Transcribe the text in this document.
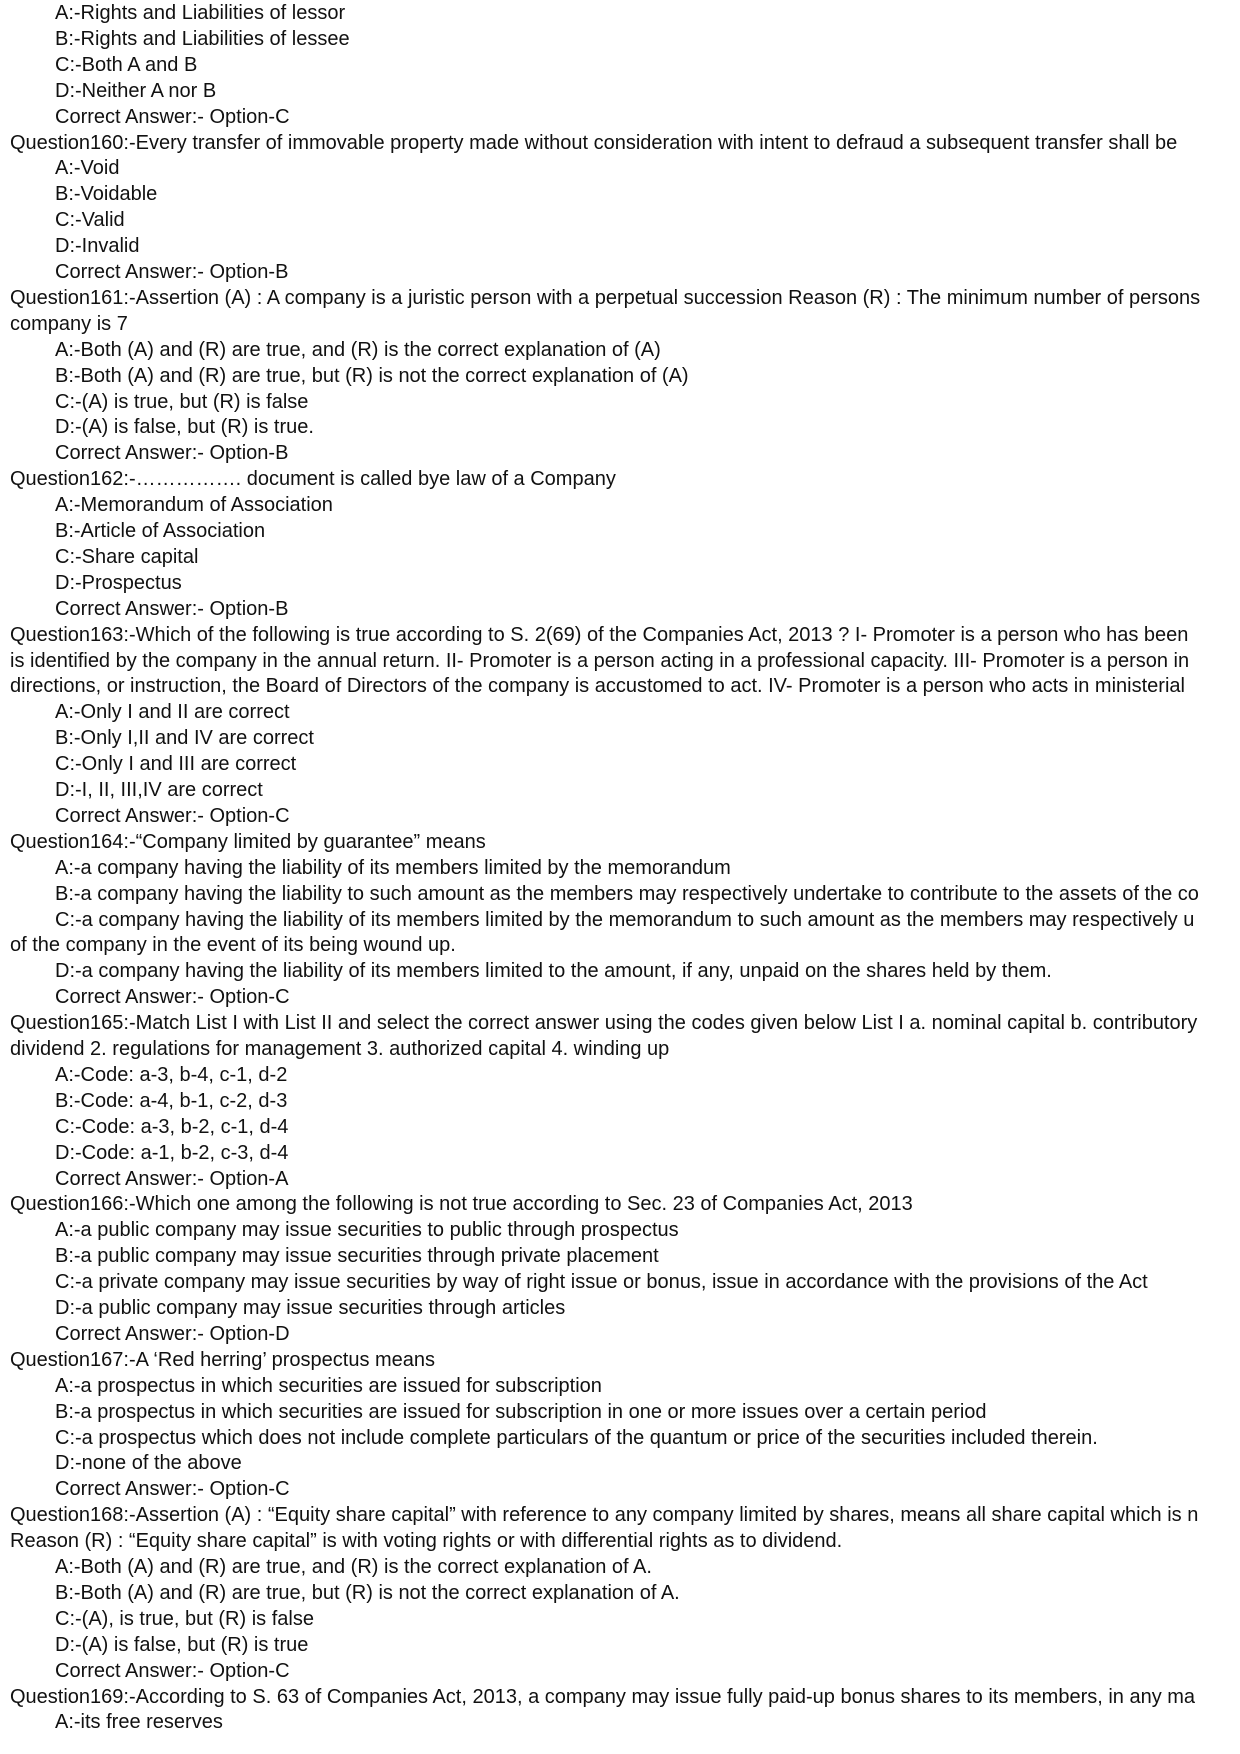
A:-Rights and Liabilities of lessor
B:-Rights and Liabilities of lessee
C:-Both A and B
D:-Neither A nor B
Correct Answer:- Option-C
Question160:-Every transfer of immovable property made without consideration with intent to defraud a subsequent transfer shall be
A:-Void
B:-Voidable
C:-Valid
D:-Invalid
Correct Answer:- Option-B
Question161:-Assertion (A) : A company is a juristic person with a perpetual succession Reason (R) : The minimum number of persons
company is 7
A:-Both (A) and (R) are true, and (R) is the correct explanation of (A)
B:-Both (A) and (R) are true, but (R) is not the correct explanation of (A)
C:-(A) is true, but (R) is false
D:-(A) is false, but (R) is true.
Correct Answer:- Option-B
Question162:-……………. document is called bye law of a Company
A:-Memorandum of Association
B:-Article of Association
C:-Share capital
D:-Prospectus
Correct Answer:- Option-B
Question163:-Which of the following is true according to S. 2(69) of the Companies Act, 2013 ? I- Promoter is a person who has been
is identified by the company in the annual return. II- Promoter is a person acting in a professional capacity. III- Promoter is a person in
directions, or instruction, the Board of Directors of the company is accustomed to act. IV- Promoter is a person who acts in ministerial
A:-Only I and II are correct
B:-Only I,II and IV are correct
C:-Only I and III are correct
D:-I, II, III,IV are correct
Correct Answer:- Option-C
Question164:-“Company limited by guarantee” means
A:-a company having the liability of its members limited by the memorandum
B:-a company having the liability to such amount as the members may respectively undertake to contribute to the assets of the co
C:-a company having the liability of its members limited by the memorandum to such amount as the members may respectively u
of the company in the event of its being wound up.
D:-a company having the liability of its members limited to the amount, if any, unpaid on the shares held by them.
Correct Answer:- Option-C
Question165:-Match List I with List II and select the correct answer using the codes given below List I a. nominal capital b. contributory
dividend 2. regulations for management 3. authorized capital 4. winding up
A:-Code: a-3, b-4, c-1, d-2
B:-Code: a-4, b-1, c-2, d-3
C:-Code: a-3, b-2, c-1, d-4
D:-Code: a-1, b-2, c-3, d-4
Correct Answer:- Option-A
Question166:-Which one among the following is not true according to Sec. 23 of Companies Act, 2013
A:-a public company may issue securities to public through prospectus
B:-a public company may issue securities through private placement
C:-a private company may issue securities by way of right issue or bonus, issue in accordance with the provisions of the Act
D:-a public company may issue securities through articles
Correct Answer:- Option-D
Question167:-A ‘Red herring’ prospectus means
A:-a prospectus in which securities are issued for subscription
B:-a prospectus in which securities are issued for subscription in one or more issues over a certain period
C:-a prospectus which does not include complete particulars of the quantum or price of the securities included therein.
D:-none of the above
Correct Answer:- Option-C
Question168:-Assertion (A) : “Equity share capital” with reference to any company limited by shares, means all share capital which is n
Reason (R) : “Equity share capital” is with voting rights or with differential rights as to dividend.
A:-Both (A) and (R) are true, and (R) is the correct explanation of A.
B:-Both (A) and (R) are true, but (R) is not the correct explanation of A.
C:-(A), is true, but (R) is false
D:-(A) is false, but (R) is true
Correct Answer:- Option-C
Question169:-According to S. 63 of Companies Act, 2013, a company may issue fully paid-up bonus shares to its members, in any ma
A:-its free reserves
